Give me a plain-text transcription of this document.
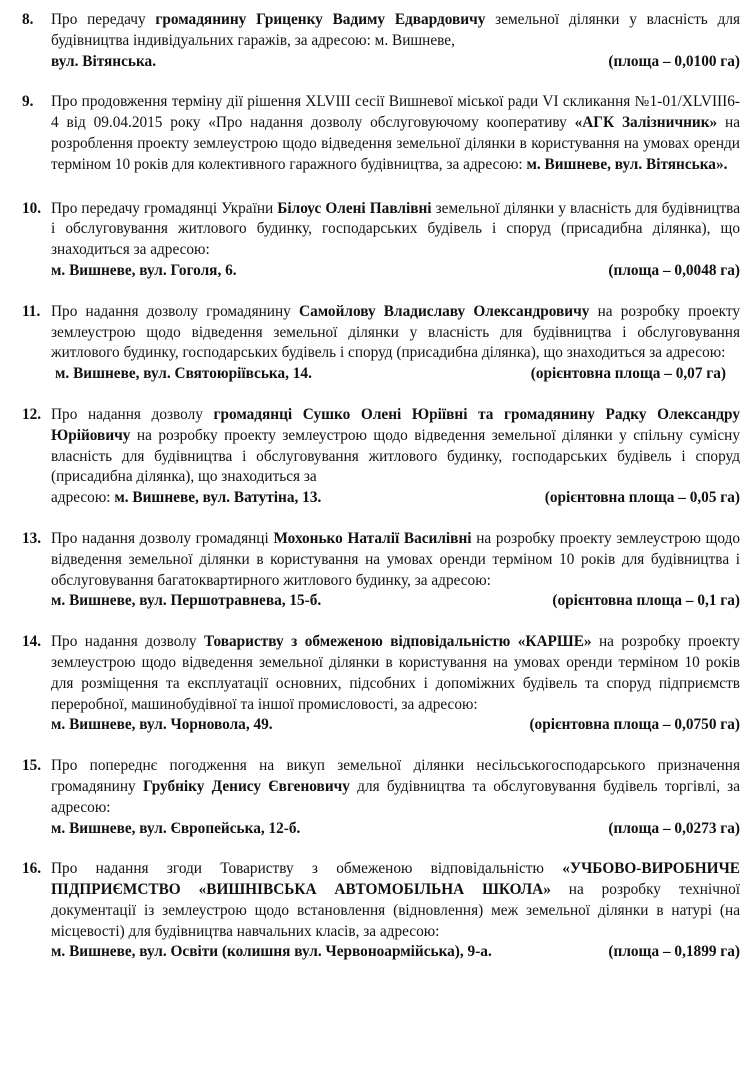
8.	Про передачу громадянину Гриценку Вадиму Едвардовичу земельної ділянки у власність для будівництва індивідуальних гаражів, за адресою: м. Вишневе,
вул. Вітянська.	(площа – 0,0100 га)
9.	Про продовження терміну дії рішення XLVIII сесії Вишневої міської ради VI скликання №1-01/XLVIII6-4 від 09.04.2015 року «Про надання дозволу обслуговуючому кооперативу «АГК Залізничник» на розроблення проекту землеустрою щодо відведення земельної ділянки в користування на умовах оренди терміном 10 років для колективного гаражного будівництва, за адресою: м. Вишневе, вул. Вітянська».
10. Про передачу громадянці України Білоус Олені Павлівні земельної ділянки у власність для будівництва і обслуговування житлового будинку, господарських будівель і споруд (присадибна ділянка), що знаходиться за адресою:
м. Вишневе, вул. Гоголя, 6.	(площа – 0,0048 га)
11. Про надання дозволу громадянину Самойлову Владиславу Олександровичу на розробку проекту землеустрою щодо відведення земельної ділянки у власність для будівництва і обслуговування житлового будинку, господарських будівель і споруд (присадибна ділянка), що знаходиться за адресою:
м. Вишневе, вул. Святоюріївська, 14.	(орієнтовна площа – 0,07 га)
12. Про надання дозволу громадянці Сушко Олені Юріївні та громадянину Радку Олександру Юрійовичу на розробку проекту землеустрою щодо відведення земельної ділянки у спільну сумісну власність для будівництва і обслуговування житлового будинку, господарських будівель і споруд (присадибна ділянка), що знаходиться за
адресою: м. Вишневе, вул. Ватутіна, 13.	(орієнтовна площа – 0,05 га)
13. Про надання дозволу громадянці Мохонько Наталії Василівні на розробку проекту землеустрою щодо відведення земельної ділянки в користування на умовах оренди терміном 10 років для будівництва і обслуговування багатоквартирного житлового будинку, за адресою:
м. Вишневе, вул. Першотравнева, 15-б.	(орієнтовна площа – 0,1 га)
14. Про надання дозволу Товариству з обмеженою відповідальністю «КАРШЕ» на розробку проекту землеустрою щодо відведення земельної ділянки в користування на умовах оренди терміном 10 років для розміщення та експлуатації основних, підсобних і допоміжних будівель та споруд підприємств переробної, машинобудівної та іншої промисловості, за адресою:
м. Вишневе, вул. Чорновола, 49.	(орієнтовна площа – 0,0750 га)
15. Про попереднє погодження на викуп земельної ділянки несільськогосподарського призначення громадянину Грубніку Денису Євгеновичу для будівництва та обслуговування будівель торгівлі, за адресою:
м. Вишневе, вул. Європейська, 12-б.	(площа – 0,0273 га)
16. Про надання згоди Товариству з обмеженою відповідальністю «УЧБОВО-ВИРОБНИЧЕ ПІДПРИЄМСТВО «ВИШНІВСЬКА АВТОМОБІЛЬНА ШКОЛА» на розробку технічної документації із землеустрою щодо встановлення (відновлення) меж земельної ділянки в натурі (на місцевості) для будівництва навчальних класів, за адресою:
м. Вишневе, вул. Освіти (колишня вул. Червоноармійська), 9-а.	(площа – 0,1899 га)
